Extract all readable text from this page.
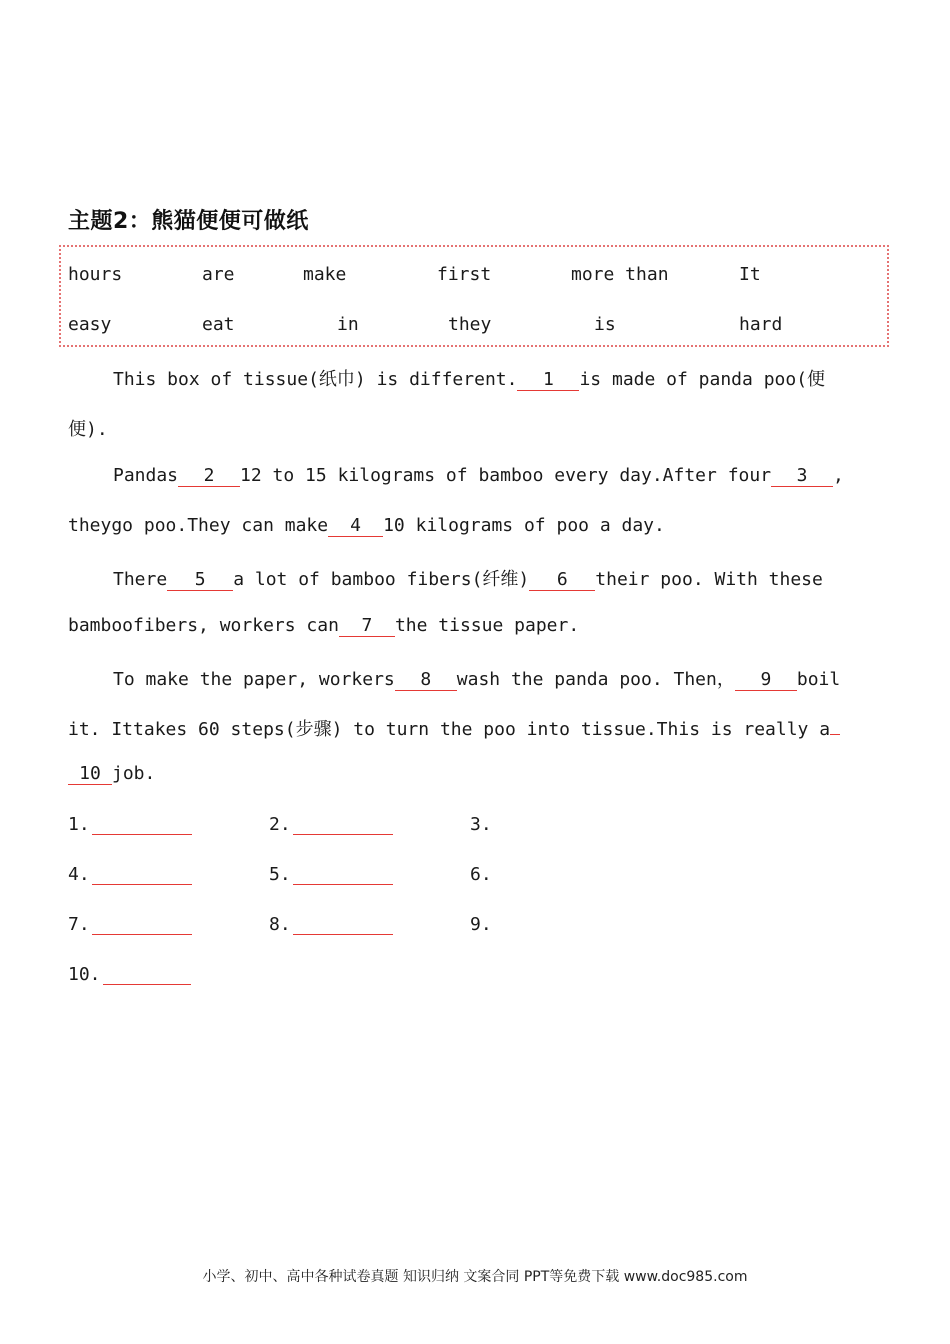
主题2：熊猫便便可做纸
hours	are	make	first	more than	It
easy	eat	in	they	is	hard
This box of tissue(纸巾) is different. 1 is made of panda poo(便
便).
Pandas 2 12 to 15 kilograms of bamboo every day.After four 3 ,
theygo poo.They can make 4 10 kilograms of poo a day.
There 5 a lot of bamboo fibers(纤维) 6 their poo. With these
bamboofibers, workers can 7 the tissue paper.
To make the paper, workers 8 wash the panda poo. Then， 9 boil
it. Ittakes 60 steps(步骤) to turn the poo into tissue.This is really a
10 job.
1.	2.	3.
4.	5.	6.
7.	8.	9.
10.
小学、初中、高中各种试卷真题 知识归纳 文案合同 PPT等免费下载 www.doc985.com
